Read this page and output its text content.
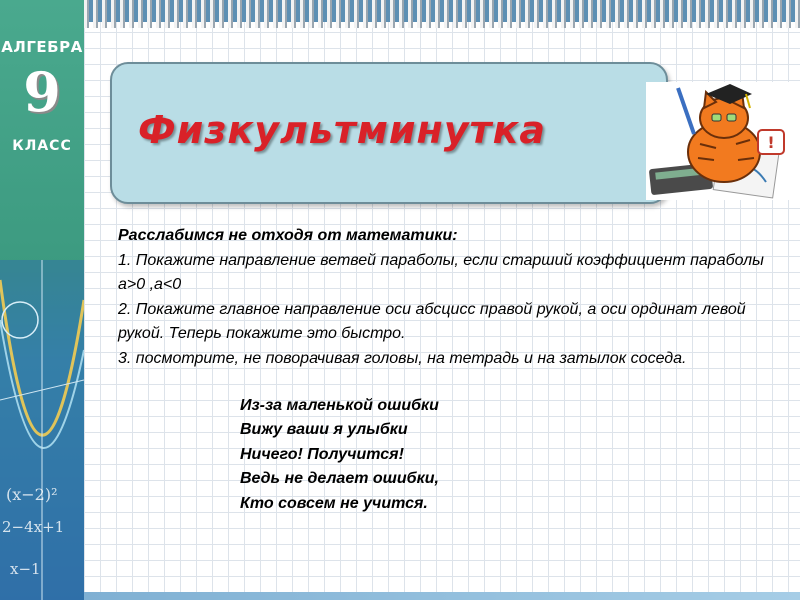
АЛГЕБРА
9
КЛАСС
(x−2)²
2−4x+1
x−1
Физкультминутка	!

Расслабимся не отходя от математики:

1. Покажите направление ветвей параболы, если старший коэффициент параболы a>0 ,a<0

2. Покажите главное направление оси абсцисс правой рукой, а оси ординат левой рукой. Теперь покажите это быстро.

3. посмотрите, не поворачивая головы, на тетрадь и на затылок соседа.

Из-за маленькой ошибки

Вижу ваши я улыбки

Ничего! Получится!

Ведь не делает ошибки,

Кто совсем не учится.
